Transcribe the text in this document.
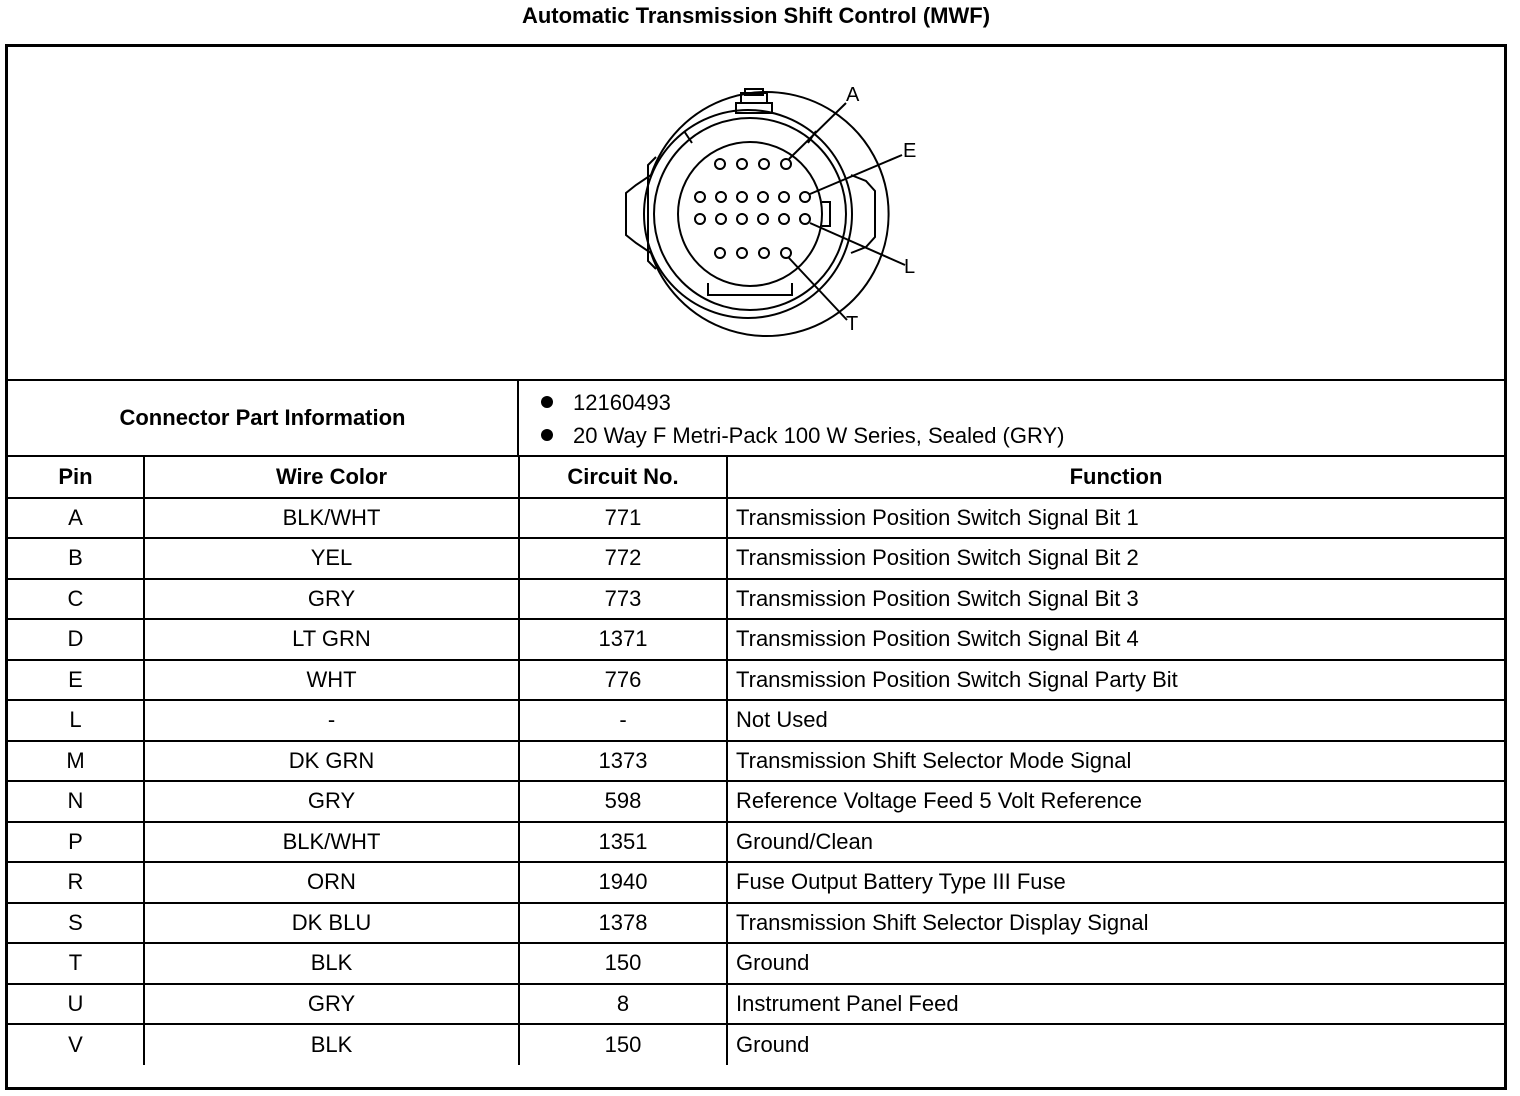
Automatic Transmission Shift Control (MWF)
A
E
L
T
Connector Part Information
12160493
20 Way F Metri-Pack 100 W Series, Sealed (GRY)
Pin	Wire Color	Circuit No.	Function
A	BLK/WHT	771	Transmission Position Switch Signal Bit 1
B	YEL	772	Transmission Position Switch Signal Bit 2
C	GRY	773	Transmission Position Switch Signal Bit 3
D	LT GRN	1371	Transmission Position Switch Signal Bit 4
E	WHT	776	Transmission Position Switch Signal Party Bit
L	-	-	Not Used
M	DK GRN	1373	Transmission Shift Selector Mode Signal
N	GRY	598	Reference Voltage Feed 5 Volt Reference
P	BLK/WHT	1351	Ground/Clean
R	ORN	1940	Fuse Output Battery Type III Fuse
S	DK BLU	1378	Transmission Shift Selector Display Signal
T	BLK	150	Ground
U	GRY	8	Instrument Panel Feed
V	BLK	150	Ground
